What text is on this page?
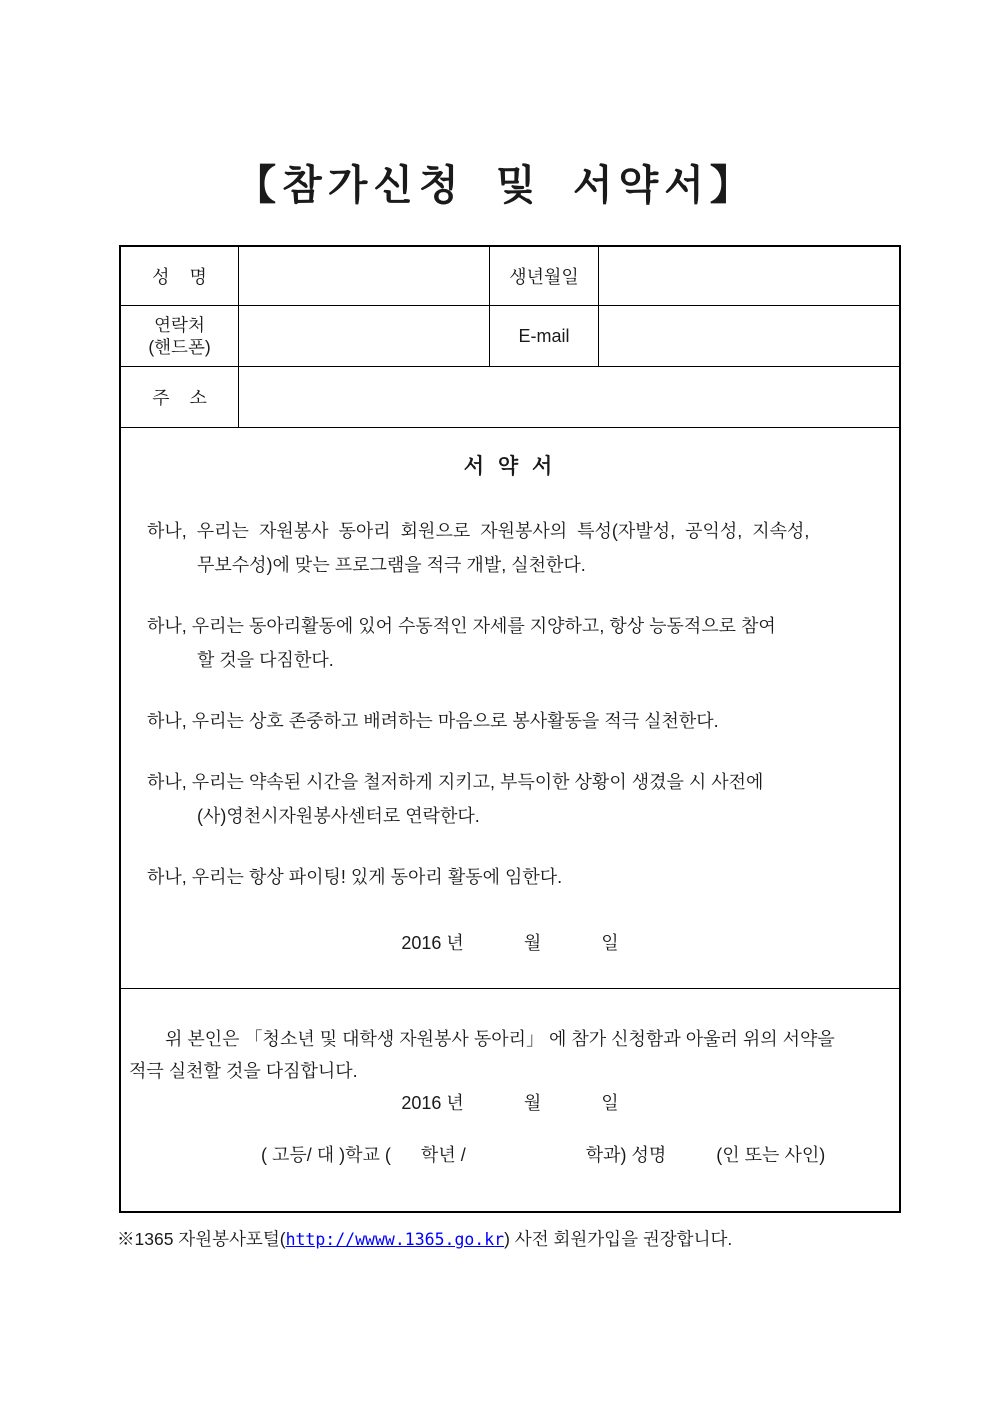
【참가신청 및 서약서】
성    명	생년월일
연락처
(핸드폰)
E-mail
주    소
서 약 서
하나,  우리는  자원봉사  동아리  회원으로  자원봉사의  특성(자발성,  공익성,  지속성,
무보수성)에 맞는 프로그램을 적극 개발, 실천한다.
하나, 우리는 동아리활동에 있어 수동적인 자세를 지양하고, 항상 능동적으로 참여
할 것을 다짐한다.
하나, 우리는 상호 존중하고 배려하는 마음으로 봉사활동을 적극 실천한다.
하나, 우리는 약속된 시간을 철저하게 지키고, 부득이한 상황이 생겼을 시 사전에
(사)영천시자원봉사센터로 연락한다.
하나, 우리는 항상 파이팅! 있게 동아리 활동에 임한다.
2016 년            월            일
위 본인은 「청소년 및 대학생 자원봉사 동아리」 에 참가 신청함과 아울러 위의 서약을
적극 실천할 것을 다짐합니다.
2016 년            월            일
( 고등/ 대 )학교 (      학년 /                        학과) 성명          (인 또는 사인)
※1365 자원봉사포털(http://wwww.1365.go.kr) 사전 회원가입을 권장합니다.
